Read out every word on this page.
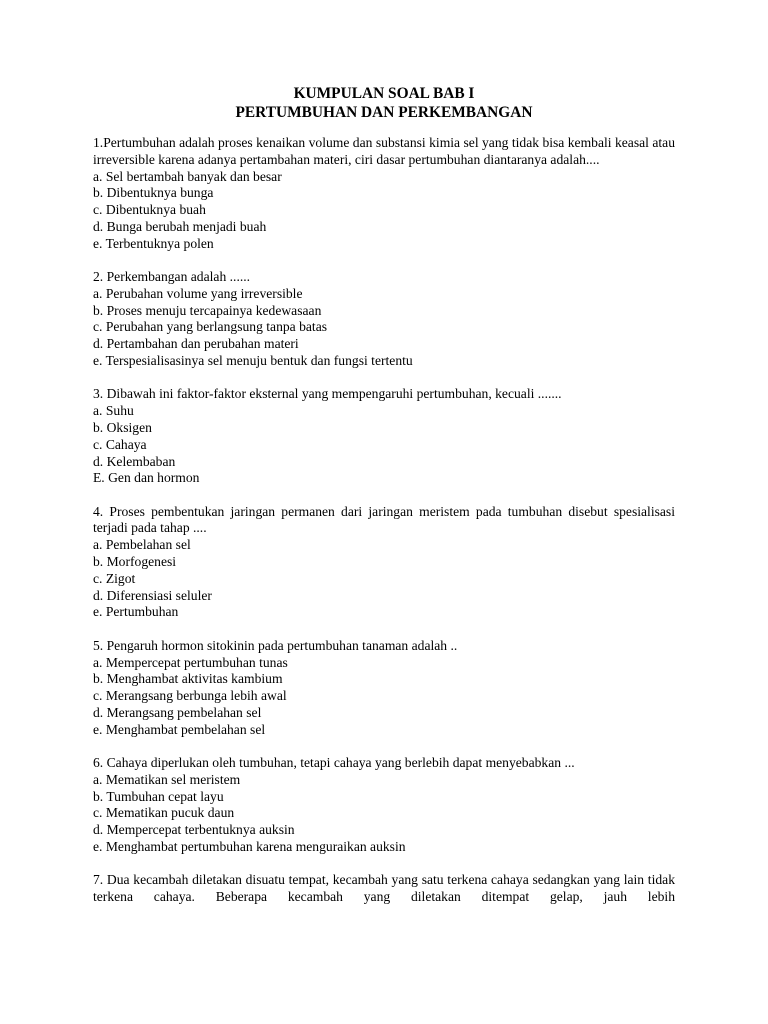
KUMPULAN SOAL BAB I
PERTUMBUHAN DAN PERKEMBANGAN
1.Pertumbuhan adalah proses kenaikan volume dan substansi kimia sel yang tidak bisa kembali keasal atau irreversible karena adanya pertambahan materi, ciri dasar pertumbuhan diantaranya adalah....
a. Sel bertambah banyak dan besar
b. Dibentuknya bunga
c. Dibentuknya buah
d. Bunga berubah menjadi buah
e. Terbentuknya polen
2. Perkembangan adalah ......
a. Perubahan volume yang irreversible
b. Proses menuju tercapainya kedewasaan
c. Perubahan yang berlangsung tanpa batas
d. Pertambahan dan perubahan materi
e. Terspesialisasinya sel menuju bentuk dan fungsi tertentu
3. Dibawah ini faktor-faktor eksternal yang mempengaruhi pertumbuhan, kecuali .......
a. Suhu
b. Oksigen
c. Cahaya
d. Kelembaban
E. Gen dan hormon
4. Proses pembentukan jaringan permanen dari jaringan meristem pada tumbuhan disebut spesialisasi terjadi pada tahap ....
a. Pembelahan sel
b. Morfogenesi
c. Zigot
d. Diferensiasi seluler
e. Pertumbuhan
5. Pengaruh hormon sitokinin pada pertumbuhan tanaman adalah ..
a. Mempercepat pertumbuhan tunas
b. Menghambat aktivitas kambium
c. Merangsang berbunga lebih awal
d. Merangsang pembelahan sel
e. Menghambat pembelahan sel
6. Cahaya diperlukan oleh tumbuhan, tetapi cahaya yang berlebih dapat menyebabkan ...
a. Mematikan sel meristem
b. Tumbuhan cepat layu
c. Mematikan pucuk daun
d. Mempercepat terbentuknya auksin
e. Menghambat pertumbuhan karena menguraikan auksin
7. Dua kecambah diletakan disuatu tempat, kecambah yang satu terkena cahaya sedangkan yang lain tidak terkena cahaya. Beberapa kecambah yang diletakan ditempat gelap, jauh lebih
